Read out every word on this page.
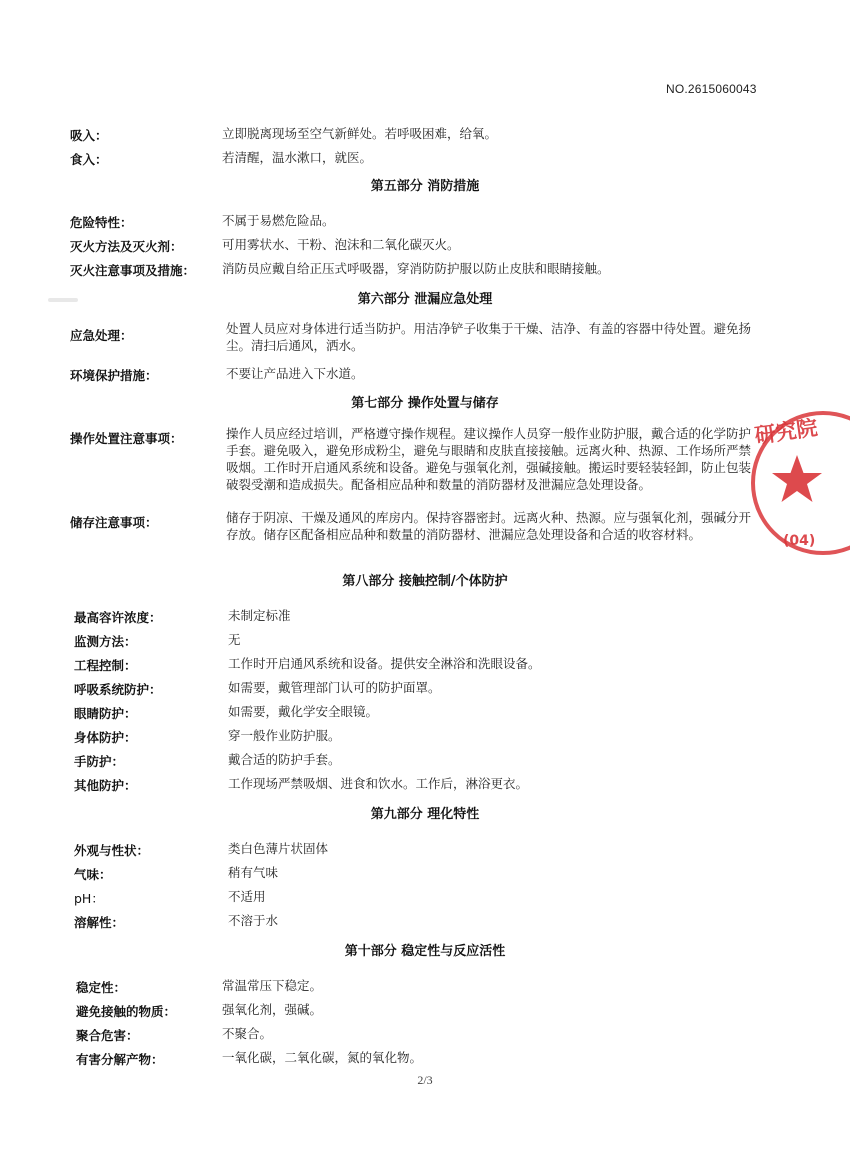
NO.2615060043
吸入：	立即脱离现场至空气新鲜处。若呼吸困难，给氧。
食入：	若清醒，温水漱口，就医。
第五部分 消防措施
危险特性：	不属于易燃危险品。
灭火方法及灭火剂：	可用雾状水、干粉、泡沫和二氧化碳灭火。
灭火注意事项及措施： 消防员应戴自给正压式呼吸器，穿消防防护服以防止皮肤和眼睛接触。
第六部分 泄漏应急处理
应急处理：	处置人员应对身体进行适当防护。用洁净铲子收集于干燥、洁净、有盖的容器中待处置。避免扬尘。清扫后通风，洒水。
环境保护措施：	不要让产品进入下水道。
第七部分 操作处置与储存
操作处置注意事项：	操作人员应经过培训，严格遵守操作规程。建议操作人员穿一般作业防护服，戴合适的化学防护手套。避免吸入，避免形成粉尘，避免与眼睛和皮肤直接接触。远离火种、热源、工作场所严禁吸烟。工作时开启通风系统和设备。避免与强氧化剂，强碱接触。搬运时要轻装轻卸，防止包装破裂受潮和造成损失。配备相应品种和数量的消防器材及泄漏应急处理设备。
储存注意事项：	储存于阴凉、干燥及通风的库房内。保持容器密封。远离火种、热源。应与强氧化剂，强碱分开存放。储存区配备相应品种和数量的消防器材、泄漏应急处理设备和合适的收容材料。
第八部分 接触控制/个体防护
最高容许浓度：	未制定标准
监测方法：	无
工程控制：	工作时开启通风系统和设备。提供安全淋浴和洗眼设备。
呼吸系统防护：	如需要，戴管理部门认可的防护面罩。
眼睛防护：	如需要，戴化学安全眼镜。
身体防护：	穿一般作业防护服。
手防护：	戴合适的防护手套。
其他防护：	工作现场严禁吸烟、进食和饮水。工作后，淋浴更衣。
第九部分 理化特性
外观与性状：	类白色薄片状固体
气味：	稍有气味
pH：	不适用
溶解性：	不溶于水
第十部分 稳定性与反应活性
稳定性：	常温常压下稳定。
避免接触的物质：	强氧化剂，强碱。
聚合危害：	不聚合。
有害分解产物：	一氧化碳，二氧化碳，氮的氧化物。
2/3
研究院
(04)
